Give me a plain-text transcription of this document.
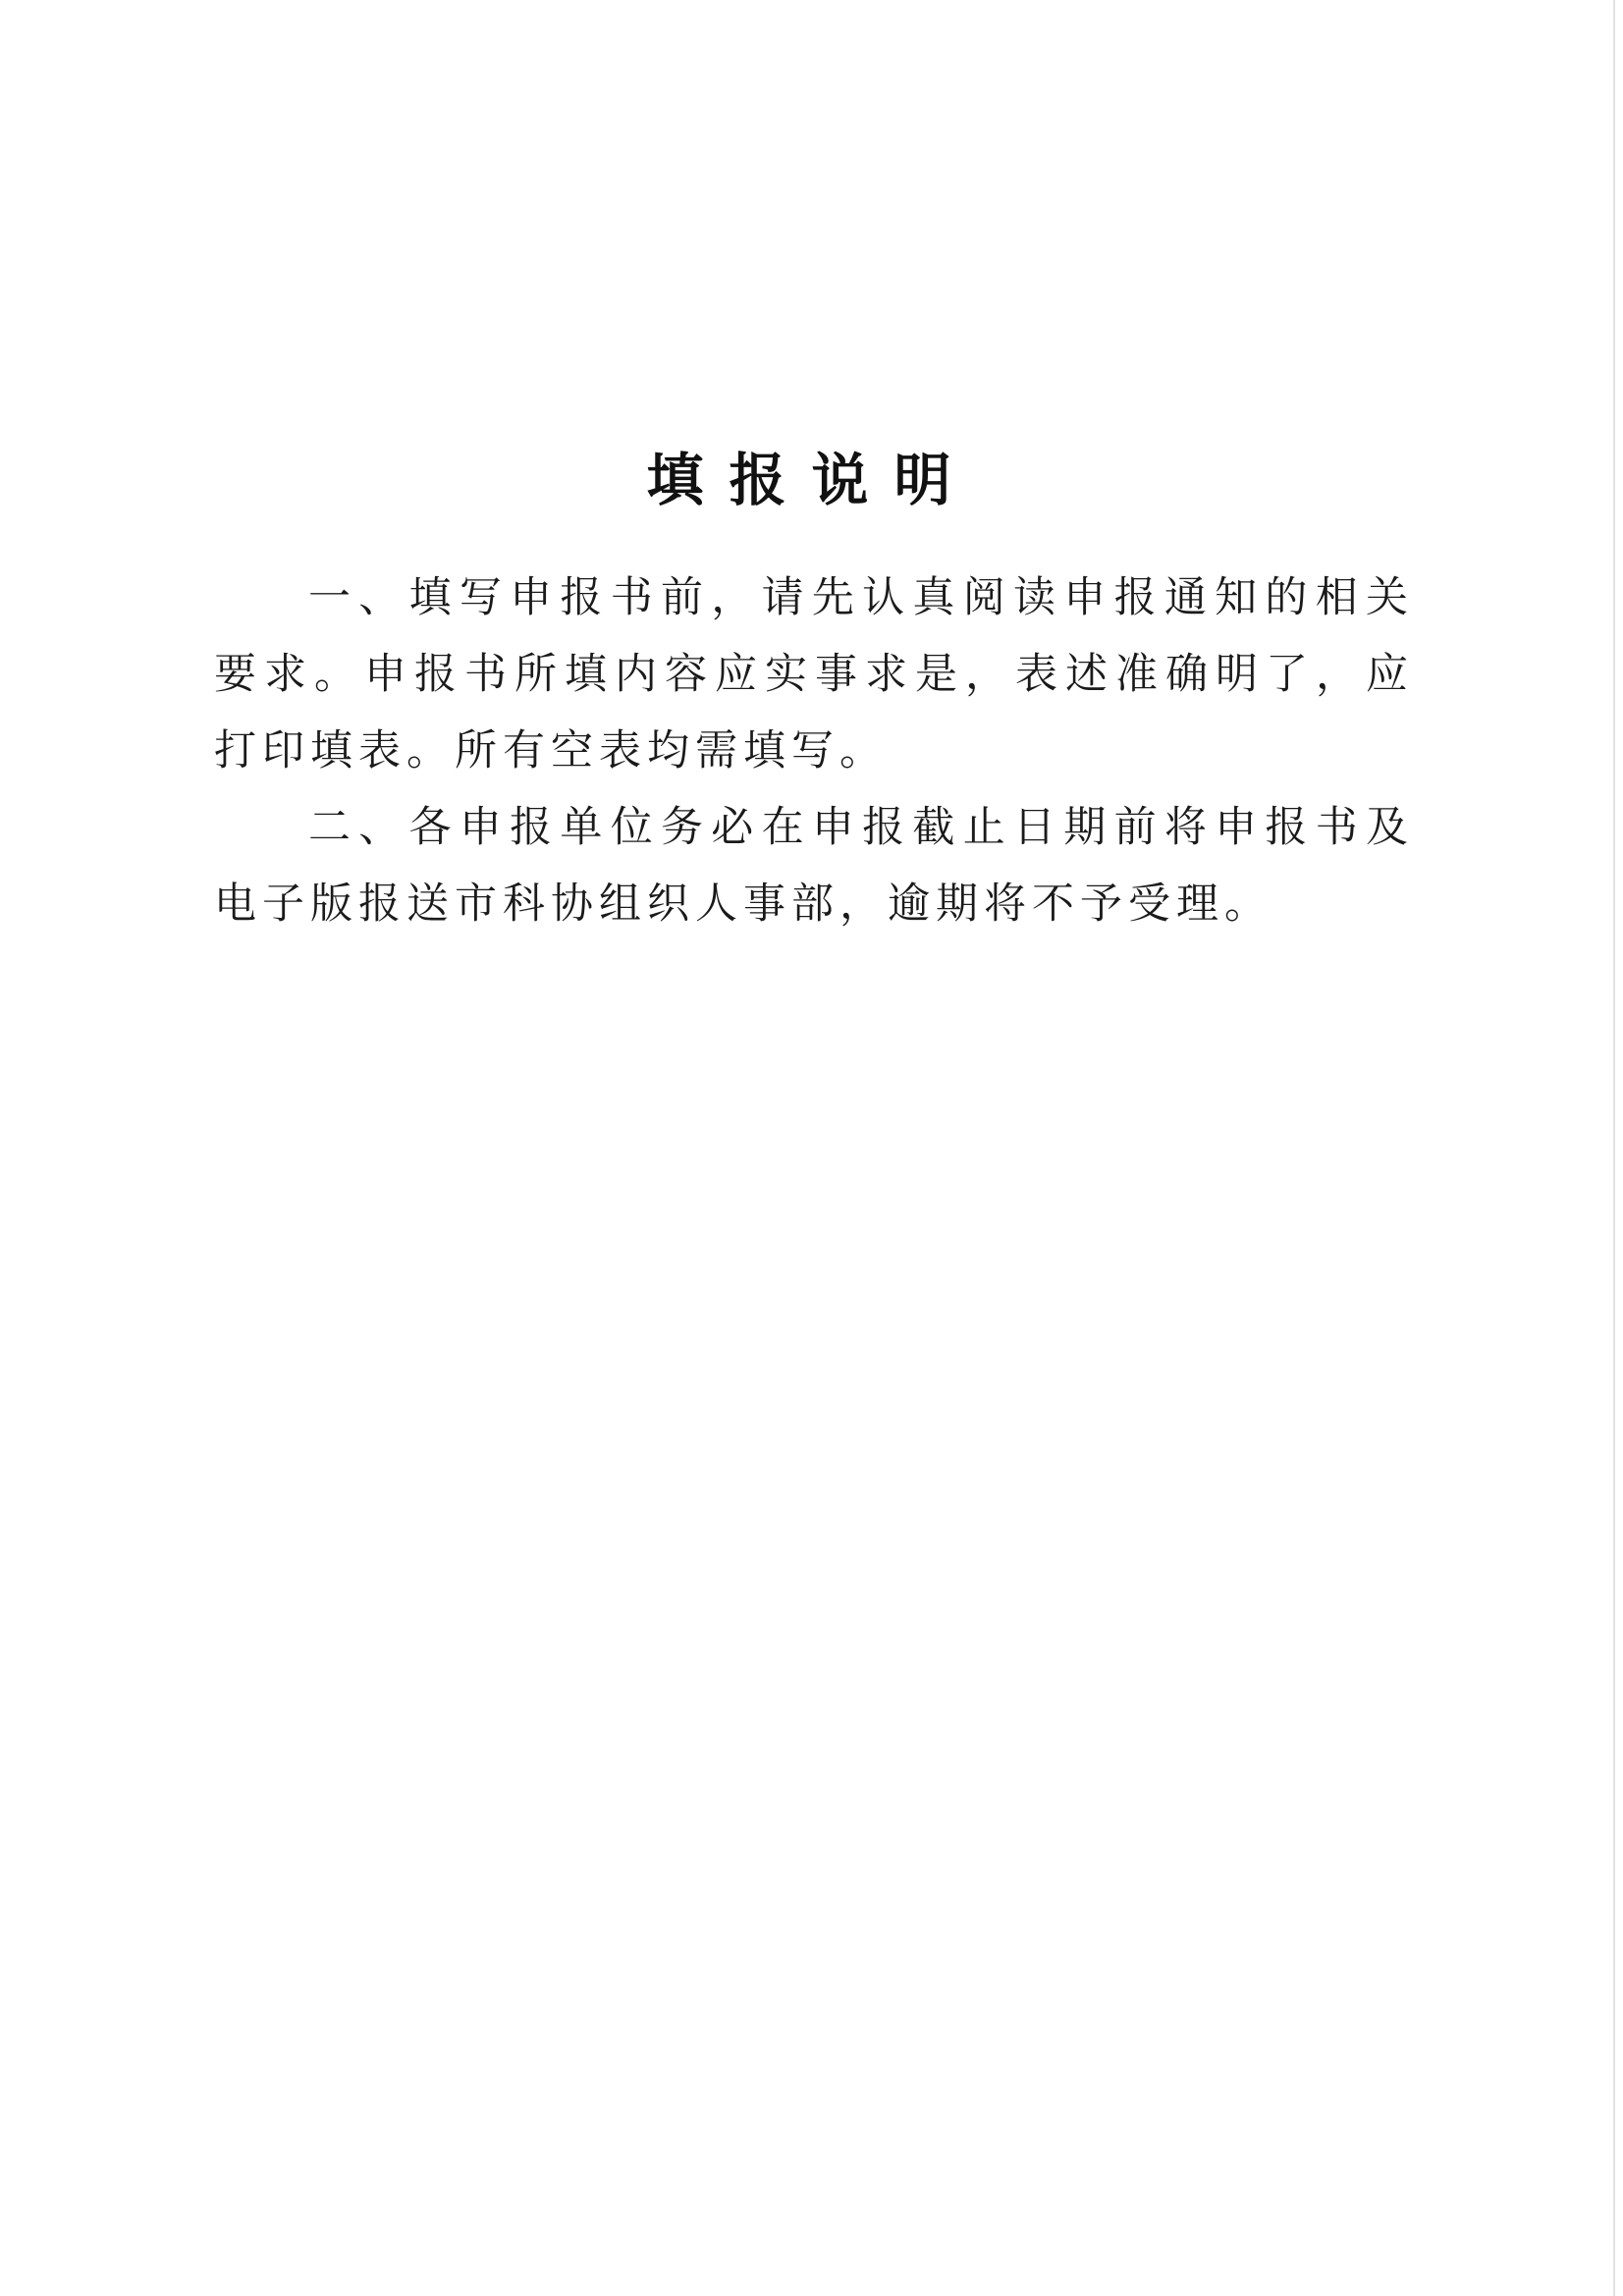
填报说明

一、填写申报书前，请先认真阅读申报通知的相关要求。申报书所填内容应实事求是，表述准确明了，应打印填表。所有空表均需填写。

二、各申报单位务必在申报截止日期前将申报书及电子版报送市科协组织人事部，逾期将不予受理。
